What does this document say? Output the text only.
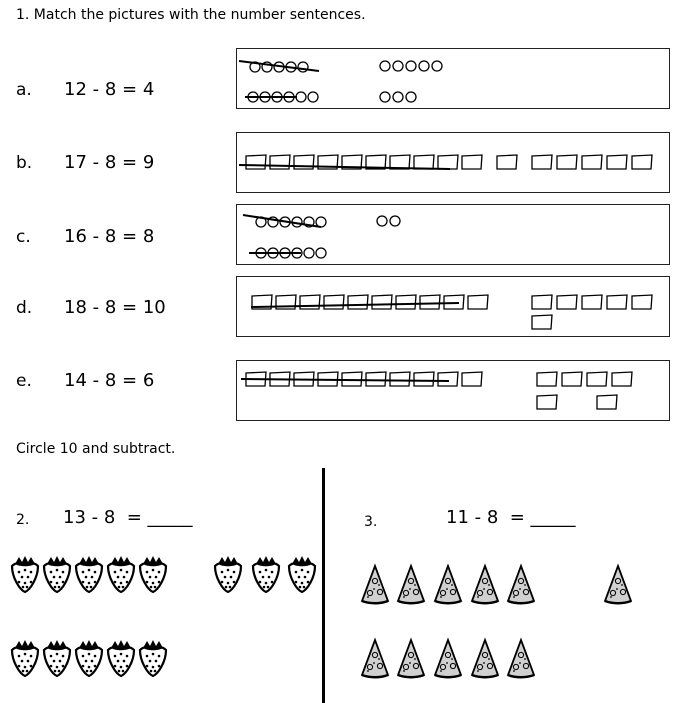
1. Match the pictures with the number sentences.
a. 12 - 8 = 4
b. 17 - 8 = 9
c. 16 - 8 = 8
d. 18 - 8 = 10
e. 14 - 8 = 6
Circle 10 and subtract.
2. 13 - 8  = _____	3.	11 - 8  = _____
